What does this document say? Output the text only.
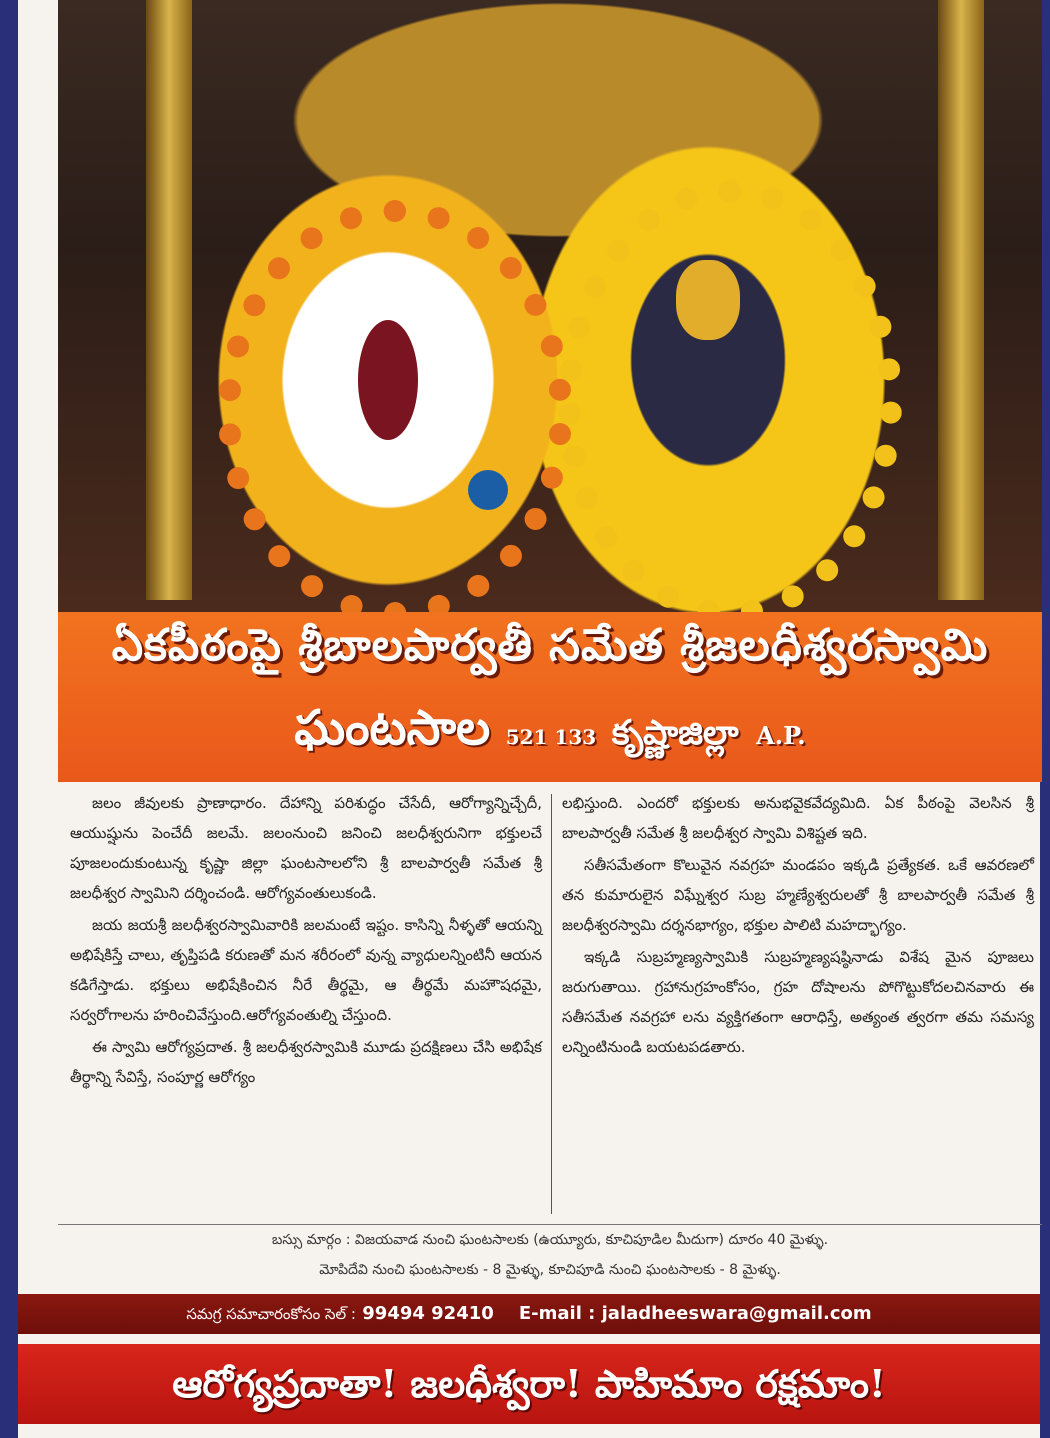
ఏకపీఠంపై శ్రీబాలపార్వతీ సమేత శ్రీజలధీశ్వరస్వామి
ఘంటసాల 521 133 కృష్ణాజిల్లా A.P.

జలం జీవులకు ప్రాణాధారం. దేహాన్ని పరిశుద్ధం చేసేదీ, ఆరోగ్యాన్నిచ్చేదీ, ఆయుష్షును పెంచేదీ జలమే. జలంనుంచి జనించి జలధీశ్వరునిగా భక్తులచే పూజలందుకుంటున్న కృష్ణా జిల్లా ఘంటసాలలోని శ్రీ బాలపార్వతీ సమేత శ్రీ జలధీశ్వర స్వామిని దర్శించండి. ఆరోగ్యవంతులుకండి.

జయ జయశ్రీ జలధీశ్వరస్వామివారికి జలమంటే ఇష్టం. కాసిన్ని నీళ్ళతో ఆయన్ని అభిషేకిస్తే చాలు, తృప్తిపడి కరుణతో మన శరీరంలో వున్న వ్యాధులన్నింటినీ ఆయన కడిగేస్తాడు. భక్తులు అభిషేకించిన నీరే తీర్థమై, ఆ తీర్థమే మహౌషధమై, సర్వరోగాలను హరించివేస్తుంది.ఆరోగ్యవంతుల్ని చేస్తుంది.

ఈ స్వామి ఆరోగ్యప్రదాత. శ్రీ జలధీశ్వరస్వామికి మూడు ప్రదక్షిణలు చేసి అభిషేక తీర్థాన్ని సేవిస్తే, సంపూర్ణ ఆరోగ్యం

లభిస్తుంది. ఎందరో భక్తులకు అనుభవైకవేద్యమిది. ఏక పీఠంపై వెలసిన శ్రీ బాలపార్వతీ సమేత శ్రీ జలధీశ్వర స్వామి విశిష్టత ఇది.

సతీసమేతంగా కొలువైన నవగ్రహ మండపం ఇక్కడి ప్రత్యేకత. ఒకే ఆవరణలో తన కుమారులైన విఘ్నేశ్వర సుబ్ర హ్మణ్యేశ్వరులతో శ్రీ బాలపార్వతీ సమేత శ్రీ జలధీశ్వరస్వామి దర్శనభాగ్యం, భక్తుల పాలిటి మహద్భాగ్యం.

ఇక్కడి సుబ్రహ్మణ్యస్వామికి సుబ్రహ్మణ్యషష్ఠినాడు విశేష మైన పూజలు జరుగుతాయి. గ్రహానుగ్రహంకోసం, గ్రహ దోషాలను పోగొట్టుకోదలచినవారు ఈ సతీసమేత నవగ్రహా లను వ్యక్తిగతంగా ఆరాధిస్తే, అత్యంత త్వరగా తమ సమస్య లన్నింటినుండి బయటపడతారు.

బస్సు మార్గం : విజయవాడ నుంచి ఘంటసాలకు (ఉయ్యూరు, కూచిపూడిల మీదుగా) దూరం 40 మైళ్ళు.
మోపిదేవి నుంచి ఘంటసాలకు - 8 మైళ్ళు, కూచిపూడి నుంచి ఘంటసాలకు - 8 మైళ్ళు.
సమగ్ర సమాచారంకోసం సెల్ : 99494 92410 E-mail : jaladheeswara@gmail.com
ఆరోగ్యప్రదాతా! జలధీశ్వరా! పాహిమాం రక్షమాం!
